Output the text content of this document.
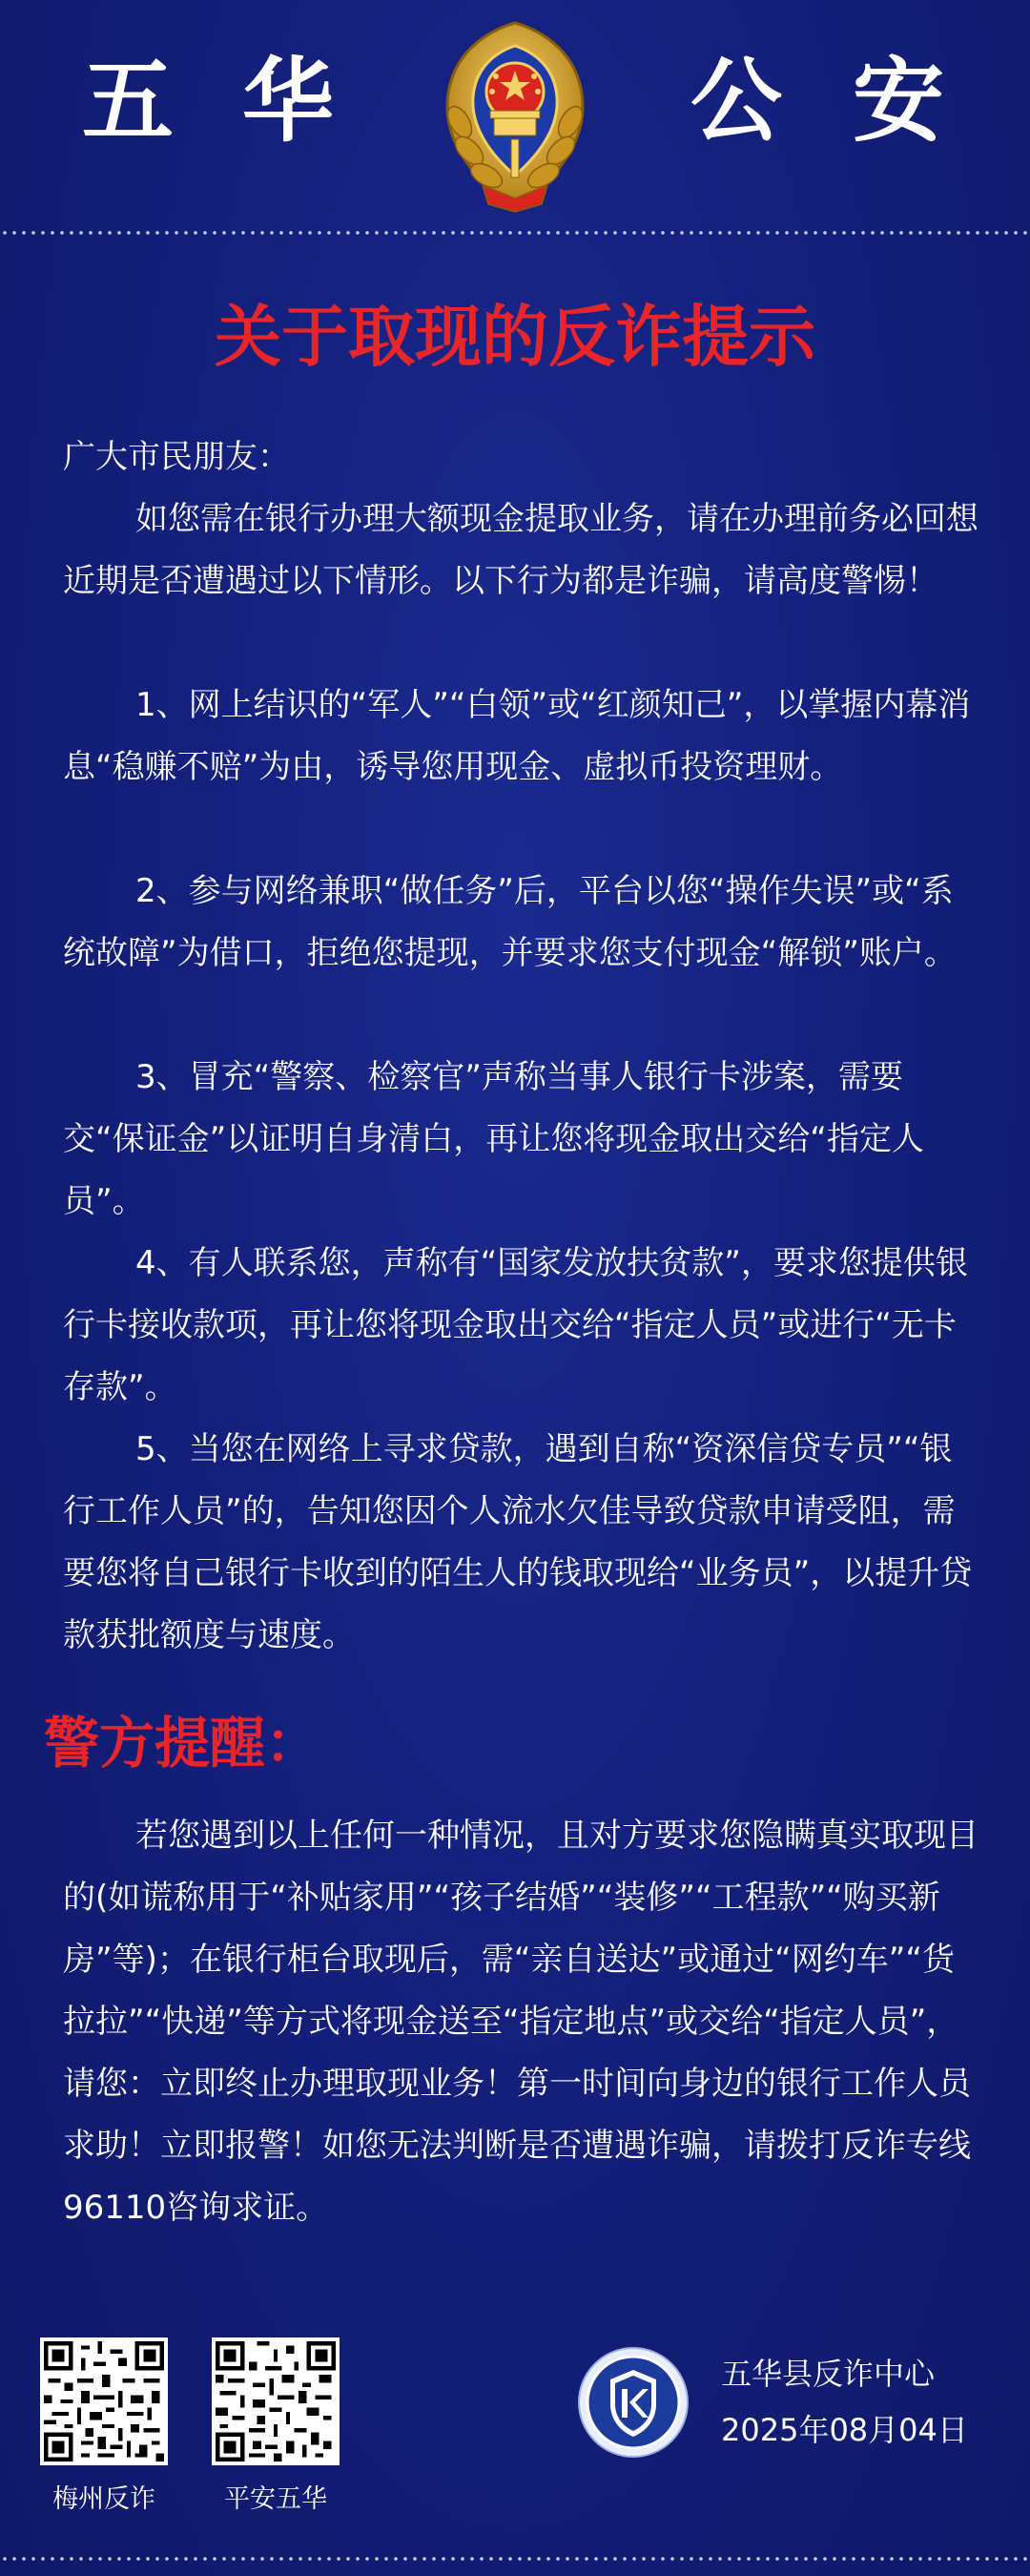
五 华	公 安
关于取现的反诈提示
广大市民朋友：
如您需在银行办理大额现金提取业务，请在办理前务必回想近期是否遭遇过以下情形。以下行为都是诈骗，请高度警惕！
1、网上结识的“军人”“白领”或“红颜知己”，以掌握内幕消息“稳赚不赔”为由，诱导您用现金、虚拟币投资理财。
2、参与网络兼职“做任务”后，平台以您“操作失误”或“系统故障”为借口，拒绝您提现，并要求您支付现金“解锁”账户。
3、冒充“警察、检察官”声称当事人银行卡涉案，需要交“保证金”以证明自身清白，再让您将现金取出交给“指定人员”。
4、有人联系您，声称有“国家发放扶贫款”，要求您提供银行卡接收款项，再让您将现金取出交给“指定人员”或进行“无卡存款”。
5、当您在网络上寻求贷款，遇到自称“资深信贷专员”“银行工作人员”的，告知您因个人流水欠佳导致贷款申请受阻，需要您将自己银行卡收到的陌生人的钱取现给“业务员”，以提升贷款获批额度与速度。
警方提醒：
若您遇到以上任何一种情况，且对方要求您隐瞒真实取现目的(如谎称用于“补贴家用”“孩子结婚”“装修”“工程款”“购买新房”等)；在银行柜台取现后，需“亲自送达”或通过“网约车”“货拉拉”“快递”等方式将现金送至“指定地点”或交给“指定人员”，请您：立即终止办理取现业务！第一时间向身边的银行工作人员求助！立即报警！如您无法判断是否遭遇诈骗，请拨打反诈专线96110咨询求证。
梅州反诈	平安五华
五华县反诈中心
2025年08月04日
